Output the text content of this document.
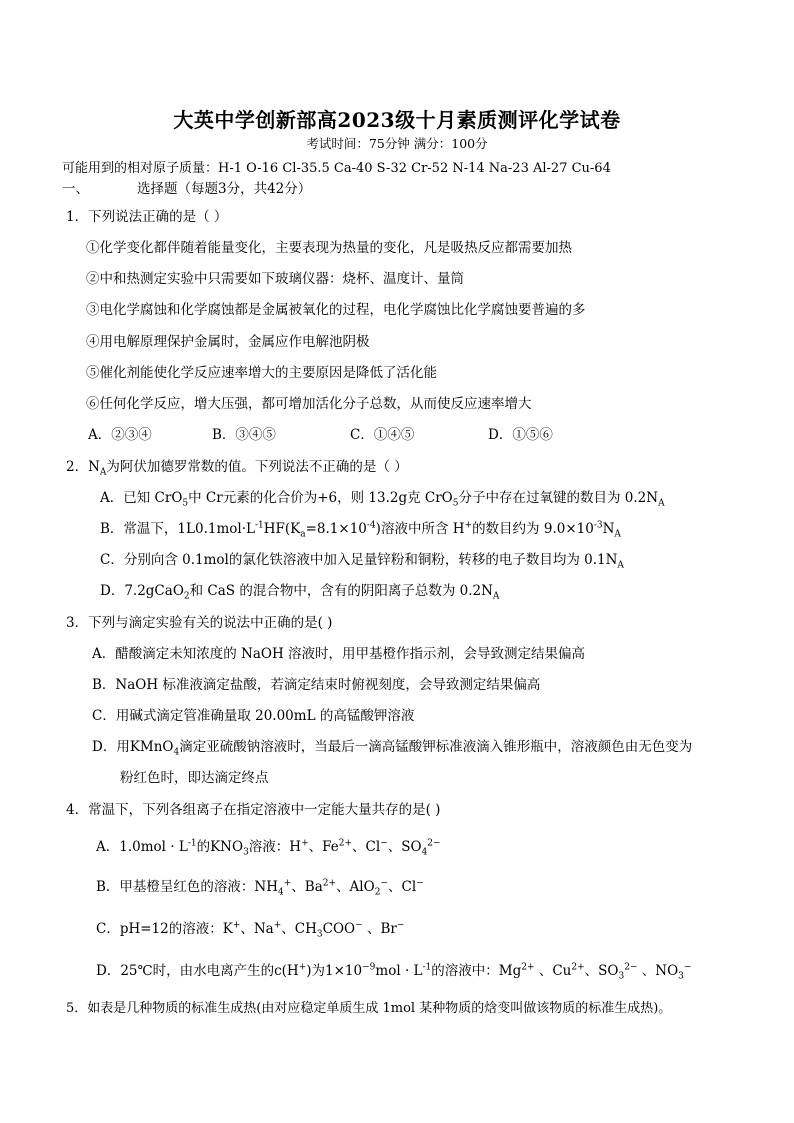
大英中学创新部高2023级十月素质测评化学试卷
考试时间：75分钟 满分：100分
可能用到的相对原子质量：H-1 O-16 Cl-35.5 Ca-40 S-32 Cr-52 N-14 Na-23 Al-27 Cu-64
一、	选择题（每题3分，共42分）
1．下列说法正确的是（ ）
①化学变化都伴随着能量变化，主要表现为热量的变化，凡是吸热反应都需要加热
②中和热测定实验中只需要如下玻璃仪器：烧杯、温度计、量筒
③电化学腐蚀和化学腐蚀都是金属被氧化的过程，电化学腐蚀比化学腐蚀要普遍的多
④用电解原理保护金属时，金属应作电解池阴极
⑤催化剂能使化学反应速率增大的主要原因是降低了活化能
⑥任何化学反应，增大压强，都可增加活化分子总数，从而使反应速率增大
A．②③④	B．③④⑤	C．①④⑤	D．①⑤⑥
2．$N_A$为阿伏加德罗常数的值。下列说法不正确的是（ ）
A．已知 CrO$_5$中 Cr元素的化合价为+6，则 13.2g克 CrO$_5$分子中存在过氧键的数目为 $0.2N_A$
B．常温下，$1L0.1mol\cdot L^{-1}HF(K_a=8.1\times 10^{-4})$溶液中所含 H+的数目约为 $9.0\times 10^{-3}N_A$
C．分别向含 0.1mol的氯化铁溶液中加入足量锌粉和铜粉，转移的电子数目均为 $0.1N_A$
D．7.2gCaO$_2$和 CaS 的混合物中，含有的阴阳离子总数为 $0.2N_A$
3．下列与滴定实验有关的说法中正确的是( )
A．醋酸滴定未知浓度的 NaOH 溶液时，用甲基橙作指示剂，会导致测定结果偏高
B．NaOH 标准液滴定盐酸，若滴定结束时俯视刻度，会导致测定结果偏高
C．用碱式滴定管准确量取 20.00mL 的高锰酸钾溶液
D．用KMnO$_4$滴定亚硫酸钠溶液时，当最后一滴高锰酸钾标准液滴入锥形瓶中，溶液颜色由无色变为
粉红色时，即达滴定终点
4．常温下，下列各组离子在指定溶液中一定能大量共存的是( )
A．$1.0mol \cdot L^{-1}$的$KNO_3$溶液：H+、$Fe^{2+}$、Cl−、$SO_4^{2-}$
B．甲基橙呈红色的溶液：$NH_4^+$、$Ba^{2+}$、AlO$_2$−、Cl−
C．pH=12的溶液：K+、Na+、$CH_3COO^-$ 、Br−
D．25℃时，由水电离产生的c(H+)为$1\times 10^{-9}mol \cdot L^{-1}$的溶液中：$Mg^{2+}$ 、$Cu^{2+}$、$SO_3^{2-}$ 、$NO_3^-$
5．如表是几种物质的标准生成热(由对应稳定单质生成 1mol 某种物质的焓变叫做该物质的标准生成热)。
